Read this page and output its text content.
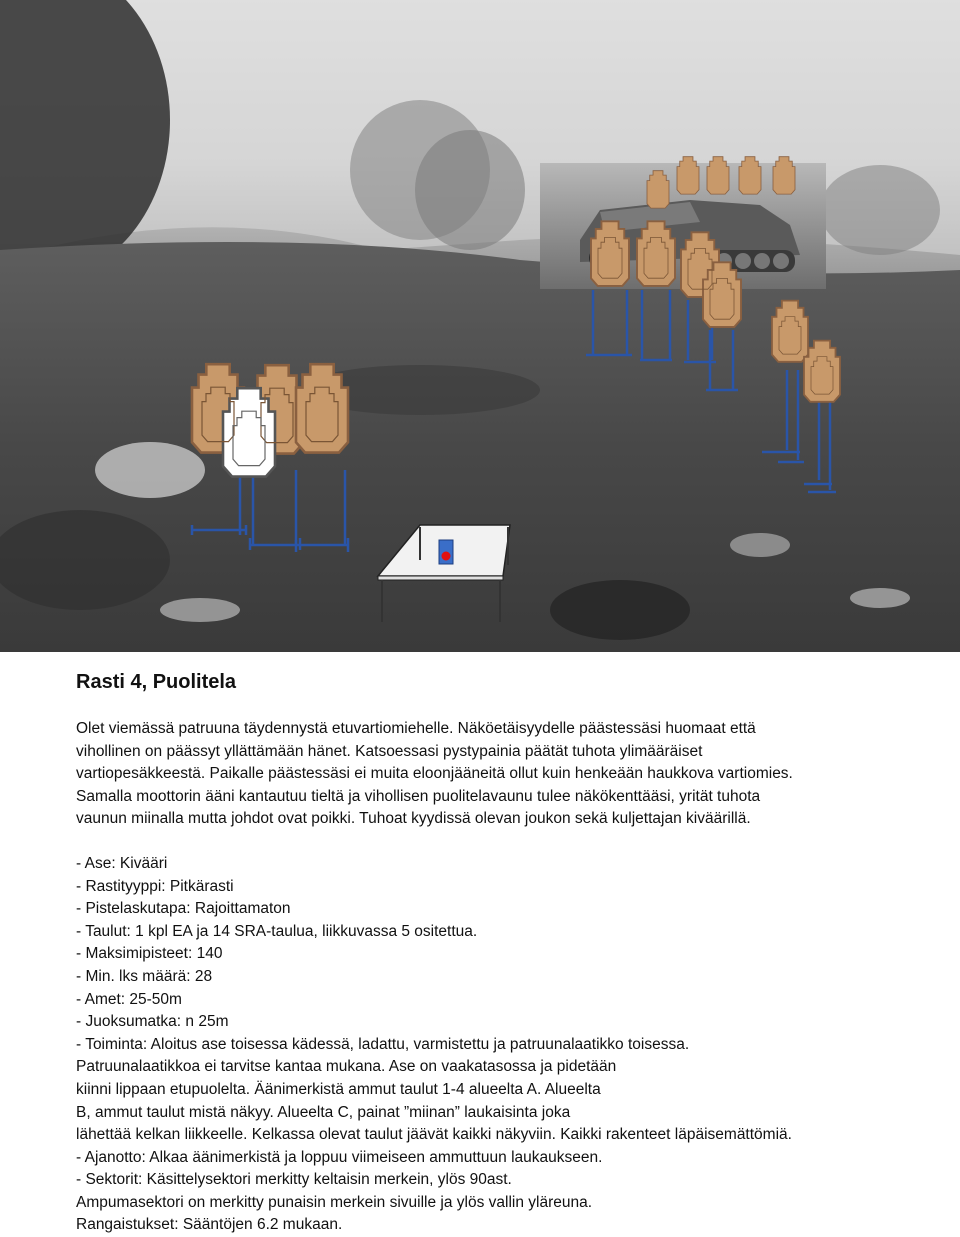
Rasti 4, Puolitela

Olet viemässä patruuna täydennystä etuvartiomiehelle. Näköetäisyydelle päästessäsi huomaat että

vihollinen on päässyt yllättämään hänet. Katsoessasi pystypainia päätät tuhota ylimääräiset

vartiopesäkkeestä. Paikalle päästessäsi ei muita eloonjääneitä ollut kuin henkeään haukkova vartiomies.

Samalla moottorin ääni kantautuu tieltä ja vihollisen puolitelavaunu tulee näkökenttääsi, yrität tuhota

vaunun miinalla mutta johdot ovat poikki. Tuhoat kyydissä olevan joukon sekä kuljettajan kiväärillä.

- Ase: Kivääri

- Rastityyppi: Pitkärasti

- Pistelaskutapa: Rajoittamaton

- Taulut: 1 kpl EA ja 14 SRA-taulua, liikkuvassa 5 ositettua.

- Maksimipisteet: 140

- Min. lks määrä: 28

- Amet: 25-50m

- Juoksumatka: n 25m

- Toiminta: Aloitus ase toisessa kädessä, ladattu, varmistettu ja patruunalaatikko toisessa.

Patruunalaatikkoa ei tarvitse kantaa mukana. Ase on vaakatasossa ja pidetään

kiinni lippaan etupuolelta. Äänimerkistä ammut taulut 1-4 alueelta A. Alueelta

B, ammut taulut mistä näkyy. Alueelta C, painat ”miinan” laukaisinta joka

lähettää kelkan liikkeelle. Kelkassa olevat taulut jäävät kaikki näkyviin. Kaikki rakenteet läpäisemättömiä.

- Ajanotto: Alkaa äänimerkistä ja loppuu viimeiseen ammuttuun laukaukseen.

- Sektorit: Käsittelysektori merkitty keltaisin merkein, ylös 90ast.

Ampumasektori on merkitty punaisin merkein sivuille ja ylös vallin yläreuna.

Rangaistukset: Sääntöjen 6.2 mukaan.
